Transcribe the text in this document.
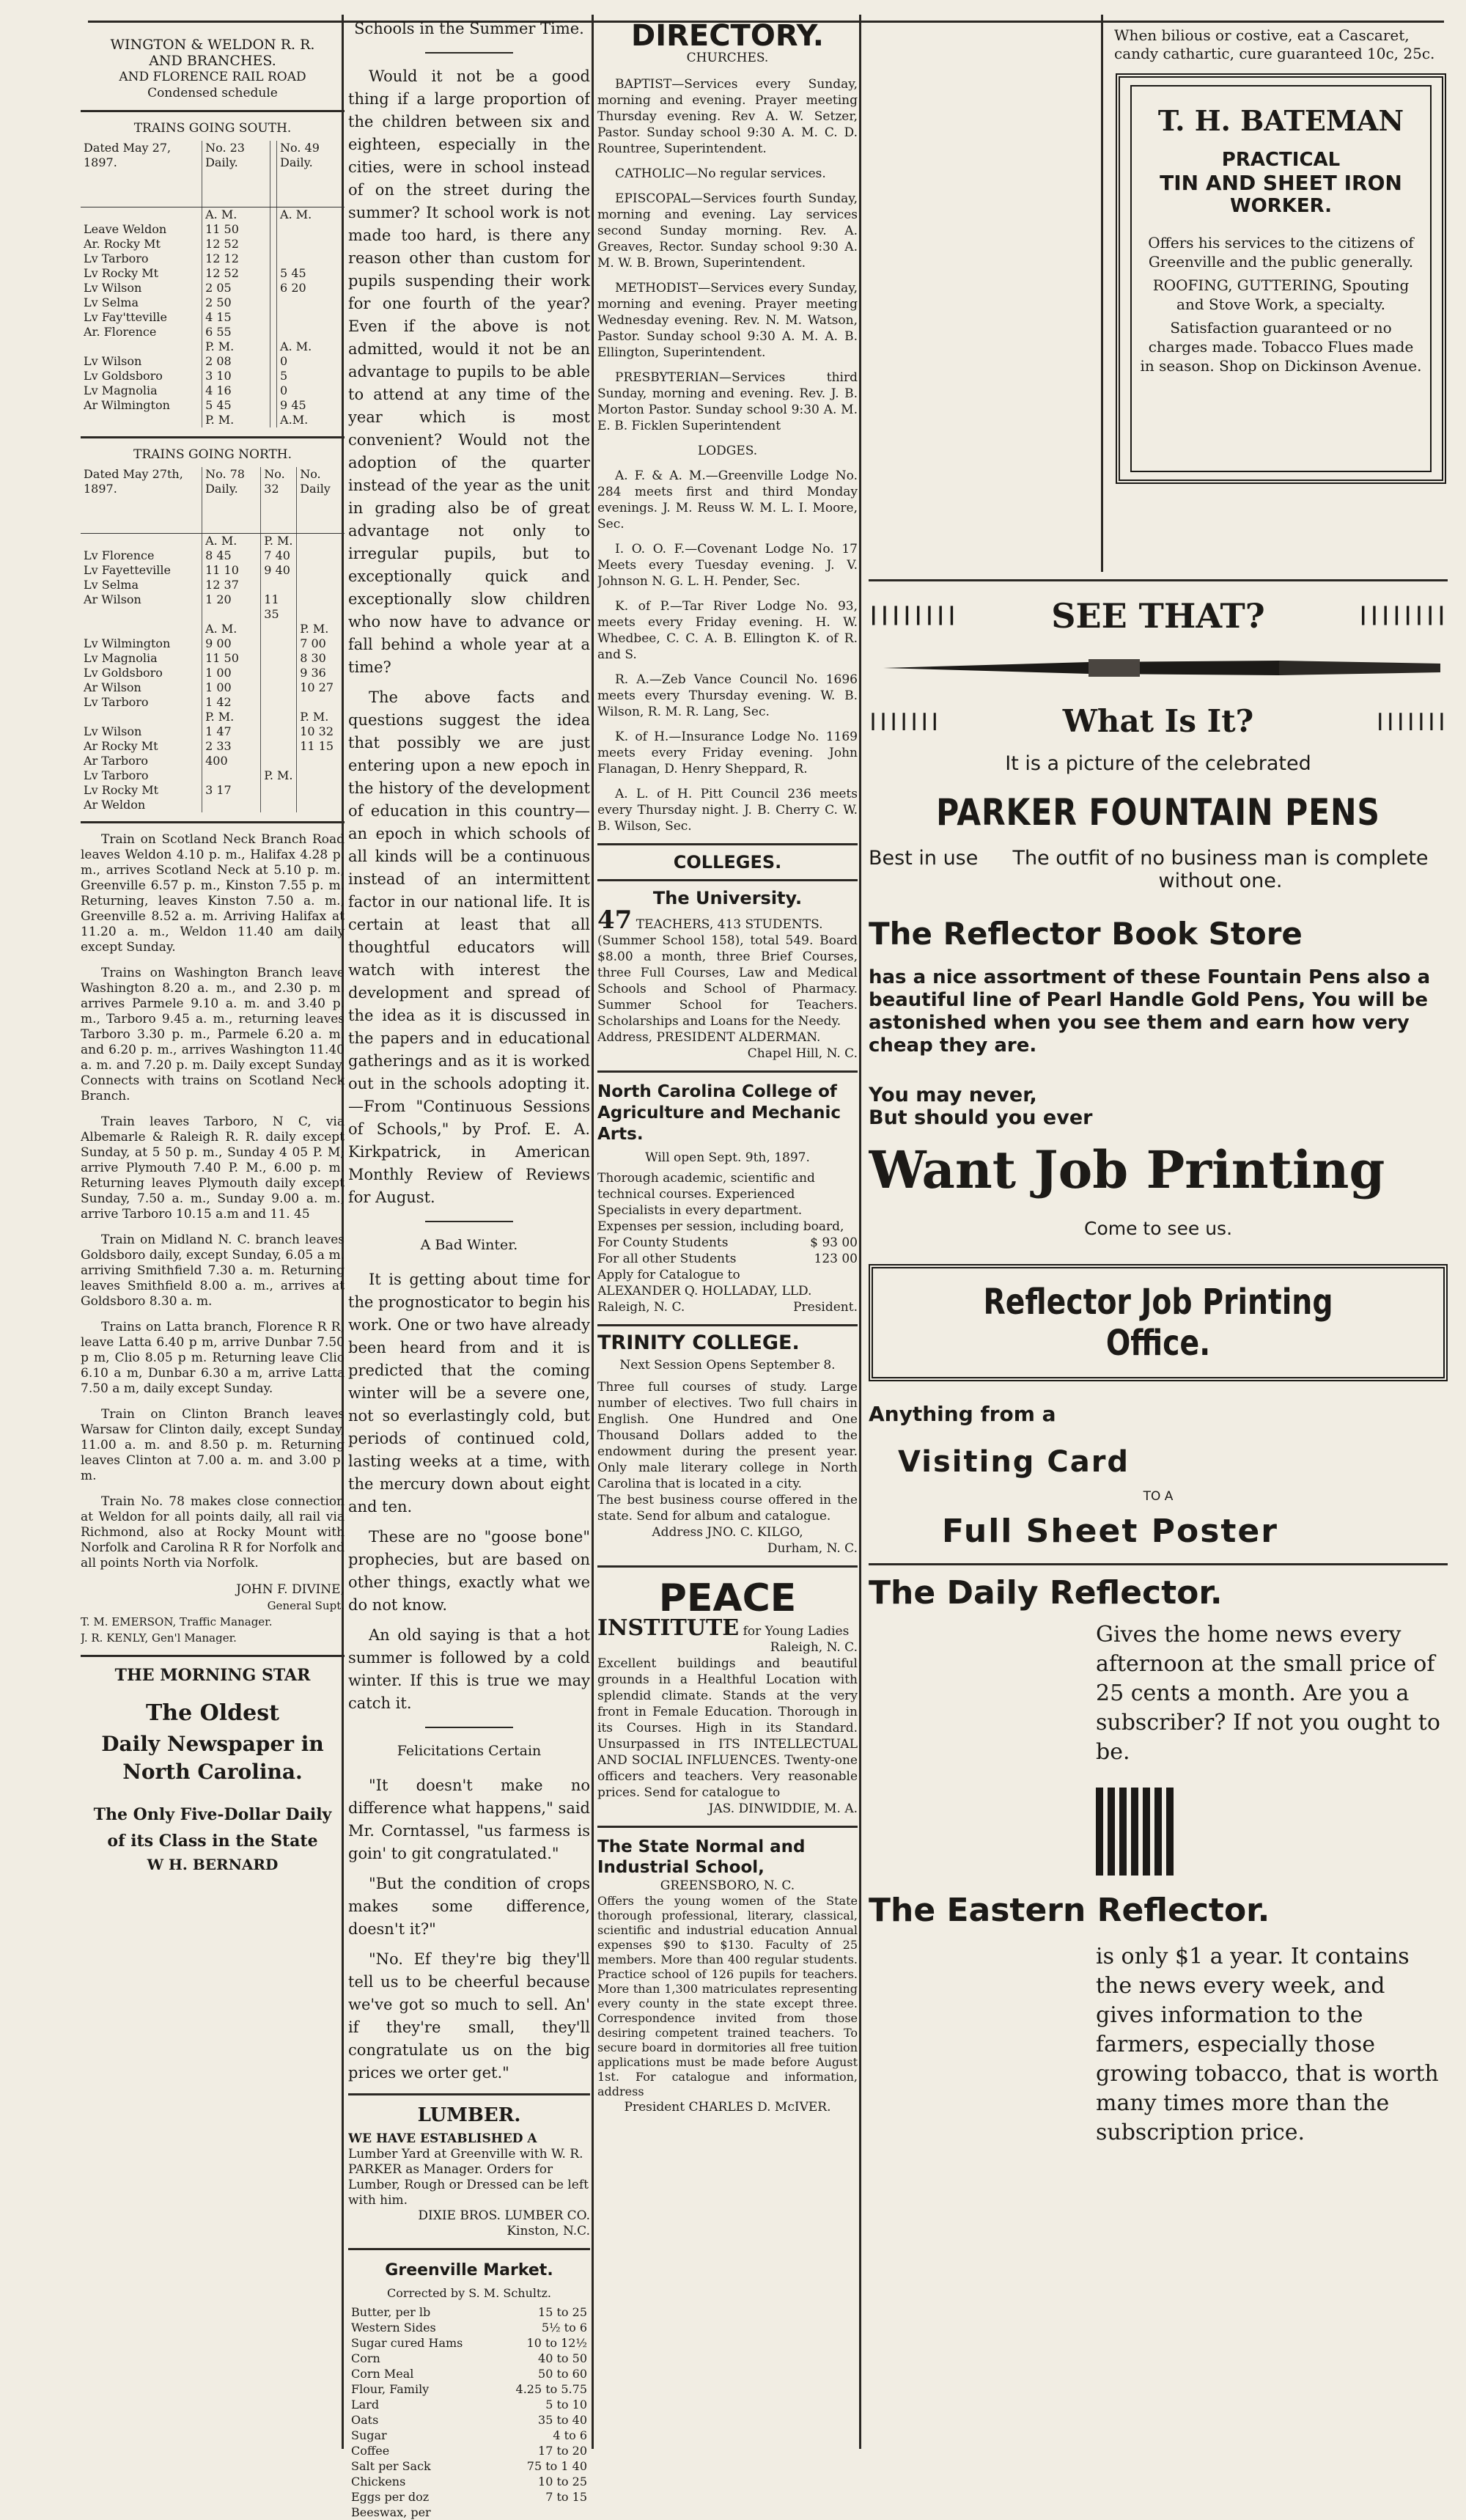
WINGTON & WELDON R. R.
AND BRANCHES.
AND FLORENCE RAIL ROAD
Condensed schedule
TRAINS GOING SOUTH.
Dated May 27, 1897.	No. 23 Daily.		No. 49 Daily.
	A. M.		A. M.
Leave Weldon	11 50		
Ar. Rocky Mt	12 52		
Lv Tarboro	12 12		
Lv Rocky Mt	12 52		5 45
Lv Wilson	2 05		6 20
Lv Selma	2 50		
Lv Fay'tteville	4 15		
Ar. Florence	6 55		
	P. M.		A. M.
Lv Wilson	2 08		0
Lv Goldsboro	3 10		5
Lv Magnolia	4 16		0
Ar Wilmington	5 45		9 45
	P. M.		A.M.
TRAINS GOING NORTH.
Dated May 27th, 1897.	No. 78 Daily.	No. 32	No. Daily
	A. M.	P. M.	
Lv Florence	8 45	7 40	
Lv Fayetteville	11 10	9 40	
Lv Selma	12 37		
Ar Wilson	1 20	11 35	
	A. M.		P. M.
Lv Wilmington	9 00		7 00
Lv Magnolia	11 50		8 30
Lv Goldsboro	1 00		9 36
Ar Wilson	1 00		10 27
Lv Tarboro	1 42		
	P. M.		P. M.
Lv Wilson	1 47		10 32
Ar Rocky Mt	2 33		11 15
Ar Tarboro	400		
Lv Tarboro		P. M.	
Lv Rocky Mt	3 17		
Ar Weldon			

Train on Scotland Neck Branch Road leaves Weldon 4.10 p. m., Halifax 4.28 p. m., arrives Scotland Neck at 5.10 p. m., Greenville 6.57 p. m., Kinston 7.55 p. m. Returning, leaves Kinston 7.50 a. m., Greenville 8.52 a. m. Arriving Halifax at 11.20 a. m., Weldon 11.40 am daily except Sunday.

Trains on Washington Branch leave Washington 8.20 a. m., and 2.30 p. m. arrives Parmele 9.10 a. m. and 3.40 p. m., Tarboro 9.45 a. m., returning leaves Tarboro 3.30 p. m., Parmele 6.20 a. m. and 6.20 p. m., arrives Washington 11.40 a. m. and 7.20 p. m. Daily except Sunday. Connects with trains on Scotland Neck Branch.

Train leaves Tarboro, N C, via Albemarle & Raleigh R. R. daily except Sunday, at 5 50 p. m., Sunday 4 05 P. M; arrive Plymouth 7.40 P. M., 6.00 p. m. Returning leaves Plymouth daily except Sunday, 7.50 a. m., Sunday 9.00 a. m., arrive Tarboro 10.15 a.m and 11. 45

Train on Midland N. C. branch leaves Goldsboro daily, except Sunday, 6.05 a m. arriving Smithfield 7.30 a. m. Returning leaves Smithfield 8.00 a. m., arrives at Goldsboro 8.30 a. m.

Trains on Latta branch, Florence R R, leave Latta 6.40 p m, arrive Dunbar 7.50 p m, Clio 8.05 p m. Returning leave Clio 6.10 a m, Dunbar 6.30 a m, arrive Latta 7.50 a m, daily except Sunday.

Train on Clinton Branch leaves Warsaw for Clinton daily, except Sunday, 11.00 a. m. and 8.50 p. m. Returning leaves Clinton at 7.00 a. m. and 3.00 p. m.

Train No. 78 makes close connection at Weldon for all points daily, all rail via Richmond, also at Rocky Mount with Norfolk and Carolina R R for Norfolk and all points North via Norfolk.

JOHN F. DIVINE,
General Supt.
T. M. EMERSON, Traffic Manager.
J. R. KENLY, Gen'l Manager.
THE MORNING STAR
The Oldest
Daily Newspaper in
North Carolina.
The Only Five-Dollar Daily
of its Class in the State
W H. BERNARD
Schools in the Summer Time.

Would it not be a good thing if a large proportion of the children between six and eighteen, especially in the cities, were in school instead of on the street during the summer? It school work is not made too hard, is there any reason other than custom for pupils suspending their work for one fourth of the year? Even if the above is not admitted, would it not be an advantage to pupils to be able to attend at any time of the year which is most convenient? Would not the adoption of the quarter instead of the year as the unit in grading also be of great advantage not only to irregular pupils, but to exceptionally quick and exceptionally slow children who now have to advance or fall behind a whole year at a time?

The above facts and questions suggest the idea that possibly we are just entering upon a new epoch in the history of the development of education in this country—an epoch in which schools of all kinds will be a continuous instead of an intermittent factor in our national life. It is certain at least that all thoughtful educators will watch with interest the development and spread of the idea as it is discussed in the papers and in educational gatherings and as it is worked out in the schools adopting it.—From "Continuous Sessions of Schools," by Prof. E. A. Kirkpatrick, in American Monthly Review of Reviews for August.

A Bad Winter.

It is getting about time for the prognosticator to begin his work. One or two have already been heard from and it is predicted that the coming winter will be a severe one, not so everlastingly cold, but periods of continued cold, lasting weeks at a time, with the mercury down about eight and ten.

These are no "goose bone" prophecies, but are based on other things, exactly what we do not know.

An old saying is that a hot summer is followed by a cold winter. If this is true we may catch it.

Felicitations Certain

"It doesn't make no difference what happens," said Mr. Corntassel, "us farmess is goin' to git congratulated."

"But the condition of crops makes some difference, doesn't it?"

"No. Ef they're big they'll tell us to be cheerful because we've got so much to sell. An' if they're small, they'll congratulate us on the big prices we orter get."

LUMBER.
WE HAVE ESTABLISHED A
Lumber Yard at Greenville with W. R. PARKER as Manager. Orders for Lumber, Rough or Dressed can be left with him.
DIXIE BROS. LUMBER CO.
Kinston, N.C.
Greenville Market.
Corrected by S. M. Schultz.
Butter, per lb	15 to 25
Western Sides	5½ to 6
Sugar cured Hams	10 to 12½
Corn	40 to 50
Corn Meal	50 to 60
Flour, Family	4.25 to 5.75
Lard	5 to 10
Oats	35 to 40
Sugar	4 to 6
Coffee	17 to 20
Salt per Sack	75 to 1 40
Chickens	10 to 25
Eggs per doz	7 to 15
Beeswax, per	
DIRECTORY.
CHURCHES.
BAPTIST—Services every Sunday, morning and evening. Prayer meeting Thursday evening. Rev A. W. Setzer, Pastor. Sunday school 9:30 A. M. C. D. Rountree, Superintendent.
CATHOLIC—No regular services.
EPISCOPAL—Services fourth Sunday, morning and evening. Lay services second Sunday morning. Rev. A. Greaves, Rector. Sunday school 9:30 A. M. W. B. Brown, Superintendent.
METHODIST—Services every Sunday, morning and evening. Prayer meeting Wednesday evening. Rev. N. M. Watson, Pastor. Sunday school 9:30 A. M. A. B. Ellington, Superintendent.
PRESBYTERIAN—Services third Sunday, morning and evening. Rev. J. B. Morton Pastor. Sunday school 9:30 A. M. E. B. Ficklen Superintendent
LODGES.
A. F. & A. M.—Greenville Lodge No. 284 meets first and third Monday evenings. J. M. Reuss W. M. L. I. Moore, Sec.
I. O. O. F.—Covenant Lodge No. 17 Meets every Tuesday evening. J. V. Johnson N. G. L. H. Pender, Sec.
K. of P.—Tar River Lodge No. 93, meets every Friday evening. H. W. Whedbee, C. C. A. B. Ellington K. of R. and S.
R. A.—Zeb Vance Council No. 1696 meets every Thursday evening. W. B. Wilson, R. M. R. Lang, Sec.
K. of H.—Insurance Lodge No. 1169 meets every Friday evening. John Flanagan, D. Henry Sheppard, R.
A. L. of H. Pitt Council 236 meets every Thursday night. J. B. Cherry C. W. B. Wilson, Sec.
COLLEGES.
The University.
47 TEACHERS, 413 STUDENTS.
(Summer School 158), total 549. Board $8.00 a month, three Brief Courses, three Full Courses, Law and Medical Schools and School of Pharmacy. Summer School for Teachers. Scholarships and Loans for the Needy.
Address, PRESIDENT ALDERMAN.
Chapel Hill, N. C.
North Carolina College of Agriculture and Mechanic Arts.
Will open Sept. 9th, 1897.
Thorough academic, scientific and technical courses. Experienced Specialists in every department.
Expenses per session, including board,
For County Students	$ 93 00
For all other Students	123 00
Apply for Catalogue to
ALEXANDER Q. HOLLADAY, LLD.
Raleigh, N. C.	President.
TRINITY COLLEGE.
Next Session Opens September 8.
Three full courses of study. Large number of electives. Two full chairs in English. One Hundred and One Thousand Dollars added to the endowment during the present year. Only male literary college in North Carolina that is located in a city.
The best business course offered in the state. Send for album and catalogue.
Address JNO. C. KILGO,
Durham, N. C.
PEACE
INSTITUTE for Young Ladies
Raleigh, N. C.
Excellent buildings and beautiful grounds in a Healthful Location with splendid climate. Stands at the very front in Female Education. Thorough in its Courses. High in its Standard. Unsurpassed in ITS INTELLECTUAL AND SOCIAL INFLUENCES. Twenty-one officers and teachers. Very reasonable prices. Send for catalogue to
JAS. DINWIDDIE, M. A.
The State Normal and Industrial School,
GREENSBORO, N. C.
Offers the young women of the State thorough professional, literary, classical, scientific and industrial education Annual expenses $90 to $130. Faculty of 25 members. More than 400 regular students. Practice school of 126 pupils for teachers. More than 1,300 matriculates representing every county in the state except three. Correspondence invited from those desiring competent trained teachers. To secure board in dormitories all free tuition applications must be made before August 1st. For catalogue and information, address
President CHARLES D. McIVER.
When bilious or costive, eat a Cascaret, candy cathartic, cure guaranteed 10c, 25c.
T. H. BATEMAN
PRACTICAL
TIN AND SHEET IRON
WORKER.
Offers his services to the citizens of Greenville and the public generally.
ROOFING, GUTTERING, Spouting and Stove Work, a specialty.
Satisfaction guaranteed or no charges made. Tobacco Flues made in season. Shop on Dickinson Avenue.
┃┃┃┃┃┃┃┃	SEE THAT?	┃┃┃┃┃┃┃┃
┃┃┃┃┃┃┃	What Is It?	┃┃┃┃┃┃┃
It is a picture of the celebrated
PARKER FOUNTAIN PENS
Best in use	The outfit of no business man is complete without one.
The Reflector Book Store
has a nice assortment of these Fountain Pens also a beautiful line of Pearl Handle Gold Pens, You will be astonished when you see them and earn how very cheap they are.
You may never,
But should you ever
Want Job Printing
Come to see us.
Reflector Job Printing Office.
Anything from a
Visiting Card
TO A
Full Sheet Poster
The Daily Reflector.
Gives the home news every afternoon at the small price of 25 cents a month. Are you a subscriber? If not you ought to be.
The Eastern Reflector.
is only $1 a year. It contains the news every week, and gives information to the farmers, especially those growing tobacco, that is worth many times more than the subscription price.
